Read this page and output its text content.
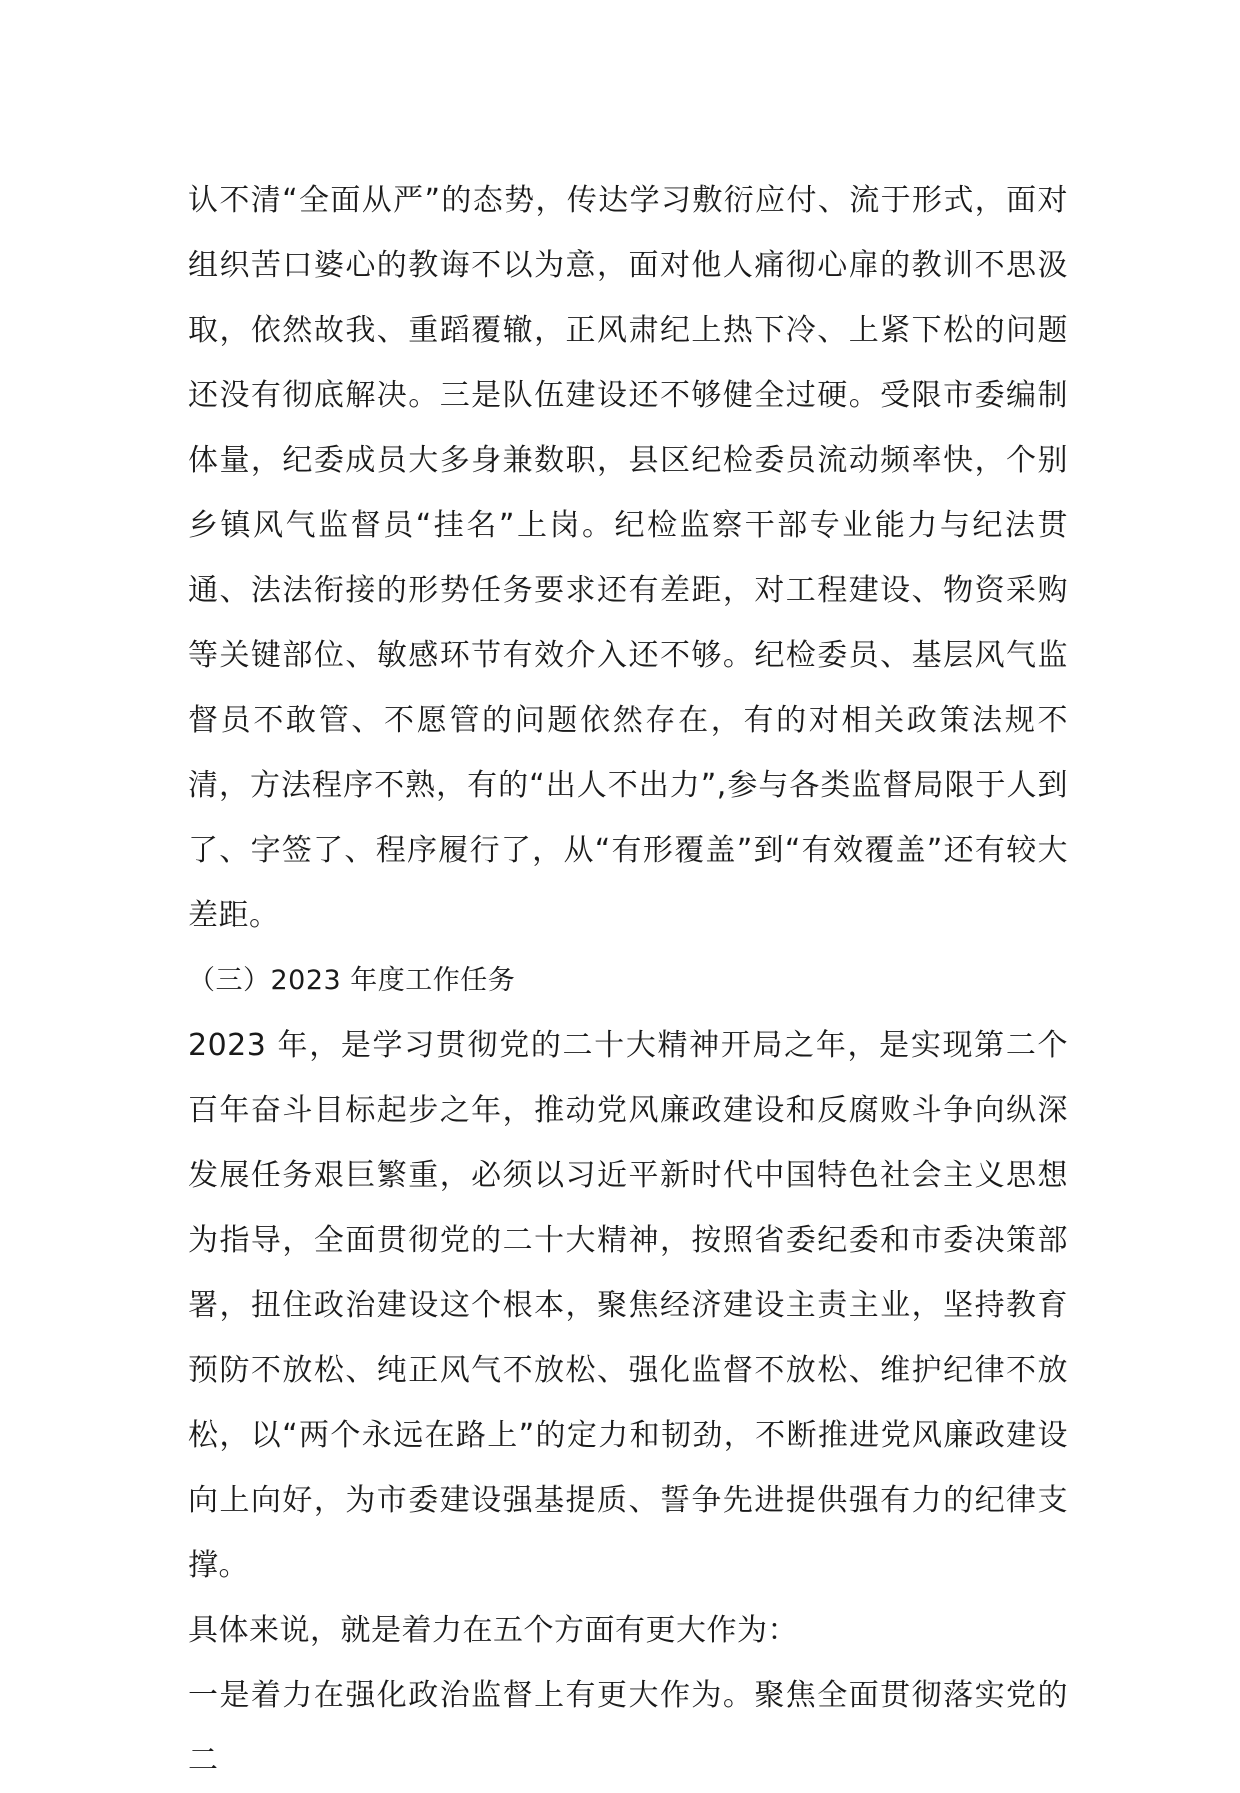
认不清“全面从严”的态势，传达学习敷衍应付、流于形式，面对组织苦口婆心的教诲不以为意，面对他人痛彻心扉的教训不思汲取，依然故我、重蹈覆辙，正风肃纪上热下冷、上紧下松的问题还没有彻底解决。三是队伍建设还不够健全过硬。受限市委编制体量，纪委成员大多身兼数职，县区纪检委员流动频率快，个别乡镇风气监督员“挂名”上岗。纪检监察干部专业能力与纪法贯通、法法衔接的形势任务要求还有差距，对工程建设、物资采购等关键部位、敏感环节有效介入还不够。纪检委员、基层风气监督员不敢管、不愿管的问题依然存在，有的对相关政策法规不清，方法程序不熟，有的“出人不出力”,参与各类监督局限于人到了、字签了、程序履行了，从“有形覆盖”到“有效覆盖”还有较大差距。

（三）2023 年度工作任务

2023 年，是学习贯彻党的二十大精神开局之年，是实现第二个百年奋斗目标起步之年，推动党风廉政建设和反腐败斗争向纵深发展任务艰巨繁重，必须以习近平新时代中国特色社会主义思想为指导，全面贯彻党的二十大精神，按照省委纪委和市委决策部署，扭住政治建设这个根本，聚焦经济建设主责主业，坚持教育预防不放松、纯正风气不放松、强化监督不放松、维护纪律不放松，以“两个永远在路上”的定力和韧劲，不断推进党风廉政建设向上向好，为市委建设强基提质、誓争先进提供强有力的纪律支撑。

具体来说，就是着力在五个方面有更大作为：

一是着力在强化政治监督上有更大作为。聚焦全面贯彻落实党的二
